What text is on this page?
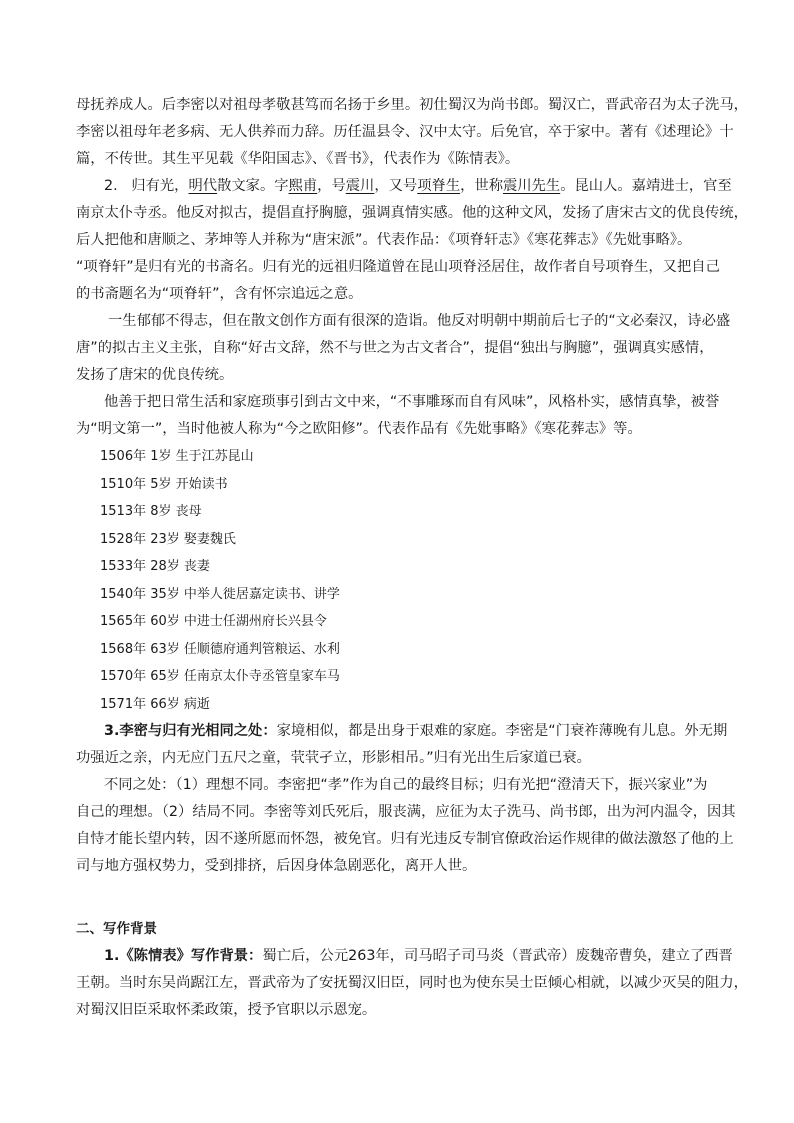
母抚养成人。后李密以对祖母孝敬甚笃而名扬于乡里。初仕蜀汉为尚书郎。蜀汉亡，晋武帝召为太子洗马，
李密以祖母年老多病、无人供养而力辞。历任温县令、汉中太守。后免官，卒于家中。著有《述理论》十
篇，不传世。其生平见载《华阳国志》、《晋书》，代表作为《陈情表》。
2. 归有光，明代散文家。字熙甫，号震川，又号项脊生，世称震川先生。昆山人。嘉靖进士，官至
南京太仆寺丞。他反对拟古，提倡直抒胸臆，强调真情实感。他的这种文风，发扬了唐宋古文的优良传统，
后人把他和唐顺之、茅坤等人并称为“唐宋派”。代表作品：《项脊轩志》《寒花葬志》《先妣事略》。
“项脊轩”是归有光的书斋名。归有光的远祖归隆道曾在昆山项脊泾居住，故作者自号项脊生，又把自己
的书斋题名为“项脊轩”，含有怀宗追远之意。
一生郁郁不得志，但在散文创作方面有很深的造诣。他反对明朝中期前后七子的“文必秦汉，诗必盛
唐”的拟古主义主张，自称“好古文辞，然不与世之为古文者合”，提倡“独出与胸臆”，强调真实感情，
发扬了唐宋的优良传统。
他善于把日常生活和家庭琐事引到古文中来，“不事雕琢而自有风味”，风格朴实，感情真挚，被誉
为“明文第一”，当时他被人称为“今之欧阳修”。代表作品有《先妣事略》《寒花葬志》等。
1506年 1岁 生于江苏昆山
1510年 5岁 开始读书
1513年 8岁 丧母
1528年 23岁 娶妻魏氏
1533年 28岁 丧妻
1540年 35岁 中举人徙居嘉定读书、讲学
1565年 60岁 中进士任湖州府长兴县令
1568年 63岁 任顺德府通判管粮运、水利
1570年 65岁 任南京太仆寺丞管皇家车马
1571年 66岁 病逝
3.李密与归有光相同之处：家境相似，都是出身于艰难的家庭。李密是“门衰祚薄晚有儿息。外无期
功强近之亲，内无应门五尺之童，茕茕孑立，形影相吊。”归有光出生后家道已衰。
不同之处：（1）理想不同。李密把“孝”作为自己的最终目标；归有光把“澄清天下，振兴家业”为
自己的理想。（2）结局不同。李密等刘氏死后，服丧满，应征为太子洗马、尚书郎，出为河内温令，因其
自恃才能长望内转，因不遂所愿而怀怨，被免官。归有光违反专制官僚政治运作规律的做法激怒了他的上
司与地方强权势力，受到排挤，后因身体急剧恶化，离开人世。
二、写作背景
1.《陈情表》写作背景：蜀亡后，公元263年，司马昭子司马炎（晋武帝）废魏帝曹奂，建立了西晋
王朝。当时东吴尚踞江左，晋武帝为了安抚蜀汉旧臣，同时也为使东吴士臣倾心相就，以减少灭吴的阻力，
对蜀汉旧臣采取怀柔政策，授予官职以示恩宠。
